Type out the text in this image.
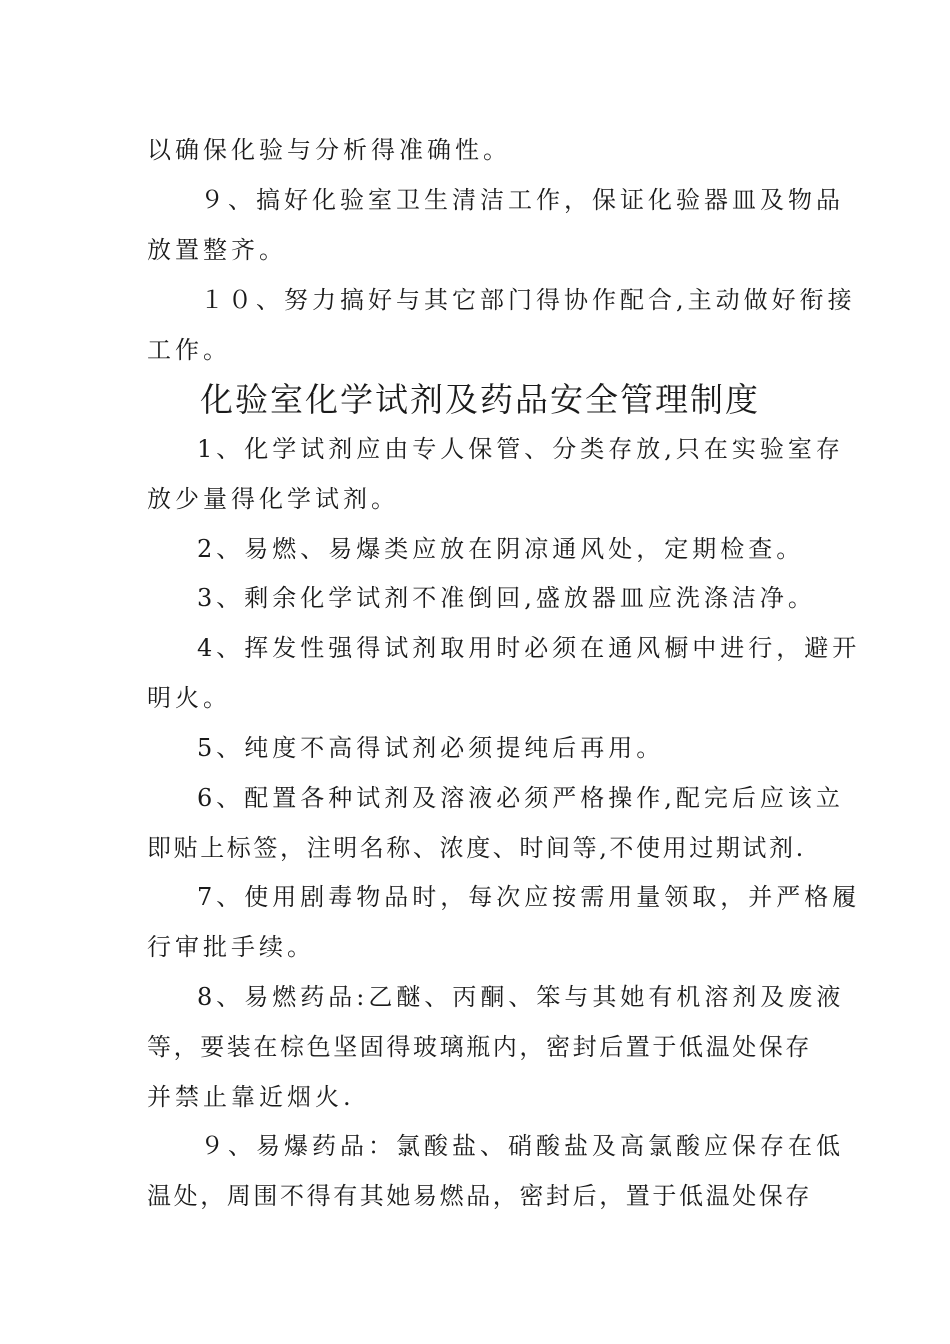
以确保化验与分析得准确性。
９、搞好化验室卫生清洁工作，保证化验器皿及物品
放置整齐。
１０、努力搞好与其它部门得协作配合,主动做好衔接
工作。
化验室化学试剂及药品安全管理制度
1、化学试剂应由专人保管、分类存放,只在实验室存
放少量得化学试剂。
2、易燃、易爆类应放在阴凉通风处，定期检查。
3、剩余化学试剂不准倒回,盛放器皿应洗涤洁净。
4、挥发性强得试剂取用时必须在通风橱中进行，避开
明火。
5、纯度不高得试剂必须提纯后再用。
6、配置各种试剂及溶液必须严格操作,配完后应该立
即贴上标签，注明名称、浓度、时间等,不使用过期试剂.
7、使用剧毒物品时，每次应按需用量领取，并严格履
行审批手续。
8、易燃药品:乙醚、丙酮、笨与其她有机溶剂及废液
等，要装在棕色坚固得玻璃瓶内，密封后置于低温处保存
并禁止靠近烟火.
９、易爆药品：氯酸盐、硝酸盐及高氯酸应保存在低
温处，周围不得有其她易燃品，密封后，置于低温处保存
